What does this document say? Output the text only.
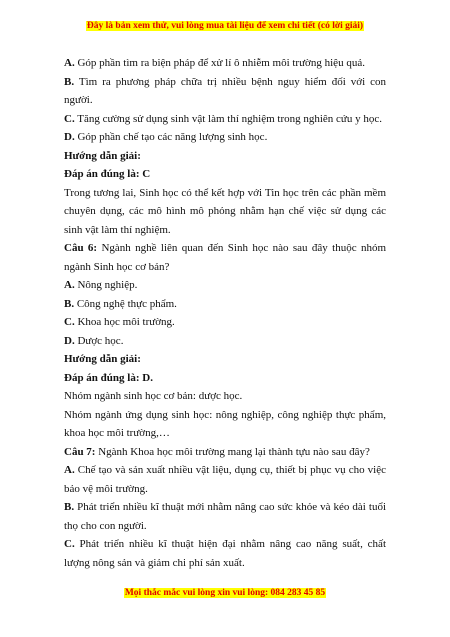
Đây là bản xem thử, vui lòng mua tài liệu để xem chi tiết (có lời giải)

A. Góp phần tìm ra biện pháp để xử lí ô nhiễm môi trường hiệu quả.

B. Tìm ra phương pháp chữa trị nhiều bệnh nguy hiểm đối với con người.

C. Tăng cường sử dụng sinh vật làm thí nghiệm trong nghiên cứu y học.

D. Góp phần chế tạo các năng lượng sinh học.

Hướng dẫn giải:

Đáp án đúng là: C

Trong tương lai, Sinh học có thể kết hợp với Tin học trên các phần mềm chuyên dụng, các mô hình mô phỏng nhằm hạn chế việc sử dụng các sinh vật làm thí nghiệm.

Câu 6: Ngành nghề liên quan đến Sinh học nào sau đây thuộc nhóm ngành Sinh học cơ bản?

A. Nông nghiệp.

B. Công nghệ thực phẩm.

C. Khoa học môi trường.

D. Dược học.

Hướng dẫn giải:

Đáp án đúng là: D.

Nhóm ngành sinh học cơ bản: dược học.

Nhóm ngành ứng dụng sinh học: nông nghiệp, công nghiệp thực phẩm, khoa học môi trường,…

Câu 7: Ngành Khoa học môi trường mang lại thành tựu nào sau đây?

A. Chế tạo và sản xuất nhiều vật liệu, dụng cụ, thiết bị phục vụ cho việc bảo vệ môi trường.

B. Phát triển nhiều kĩ thuật mới nhằm nâng cao sức khỏe và kéo dài tuổi thọ cho con người.

C. Phát triển nhiều kĩ thuật hiện đại nhằm nâng cao năng suất, chất lượng nông sản và giảm chi phí sản xuất.

Mọi thắc mắc vui lòng xin vui lòng: 084 283 45 85
